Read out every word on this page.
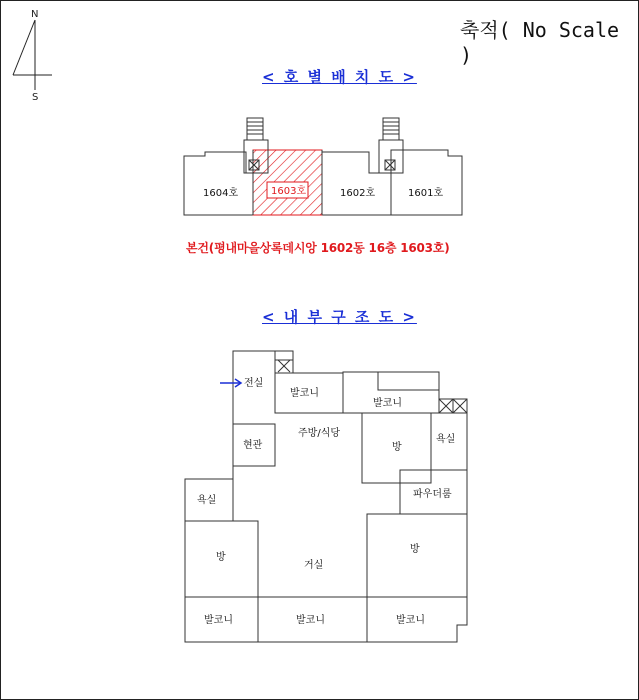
N
S
1604호	1603호	1602호	1601호
전실
현관
발코니
발코니
주방/식당
방
욕실
파우더룸
욕실
방
거실
방
발코니	발코니	발코니
축적( No Scale )
< 호 별 배 치 도 >
본건(평내마을상록데시앙 1602동 16층 1603호)
< 내 부 구 조 도 >
